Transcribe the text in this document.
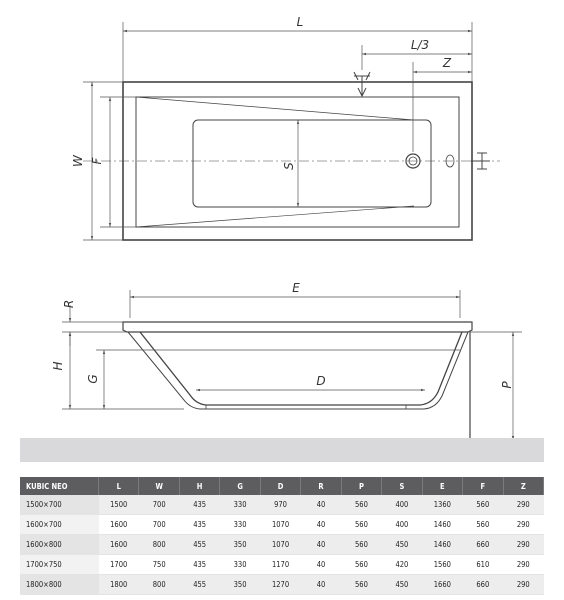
L
L/3
Z
W F
S
E
R
H
G	D	P
KUBIC NEO	L	W	H	G	D	R	P	S	E	F	Z
1500×700	1500	700	435	330	970	40	560	400	1360	560	290
1600×700	1600	700	435	330	1070	40	560	400	1460	560	290
1600×800	1600	800	455	350	1070	40	560	450	1460	660	290
1700×750	1700	750	435	330	1170	40	560	420	1560	610	290
1800×800	1800	800	455	350	1270	40	560	450	1660	660	290
